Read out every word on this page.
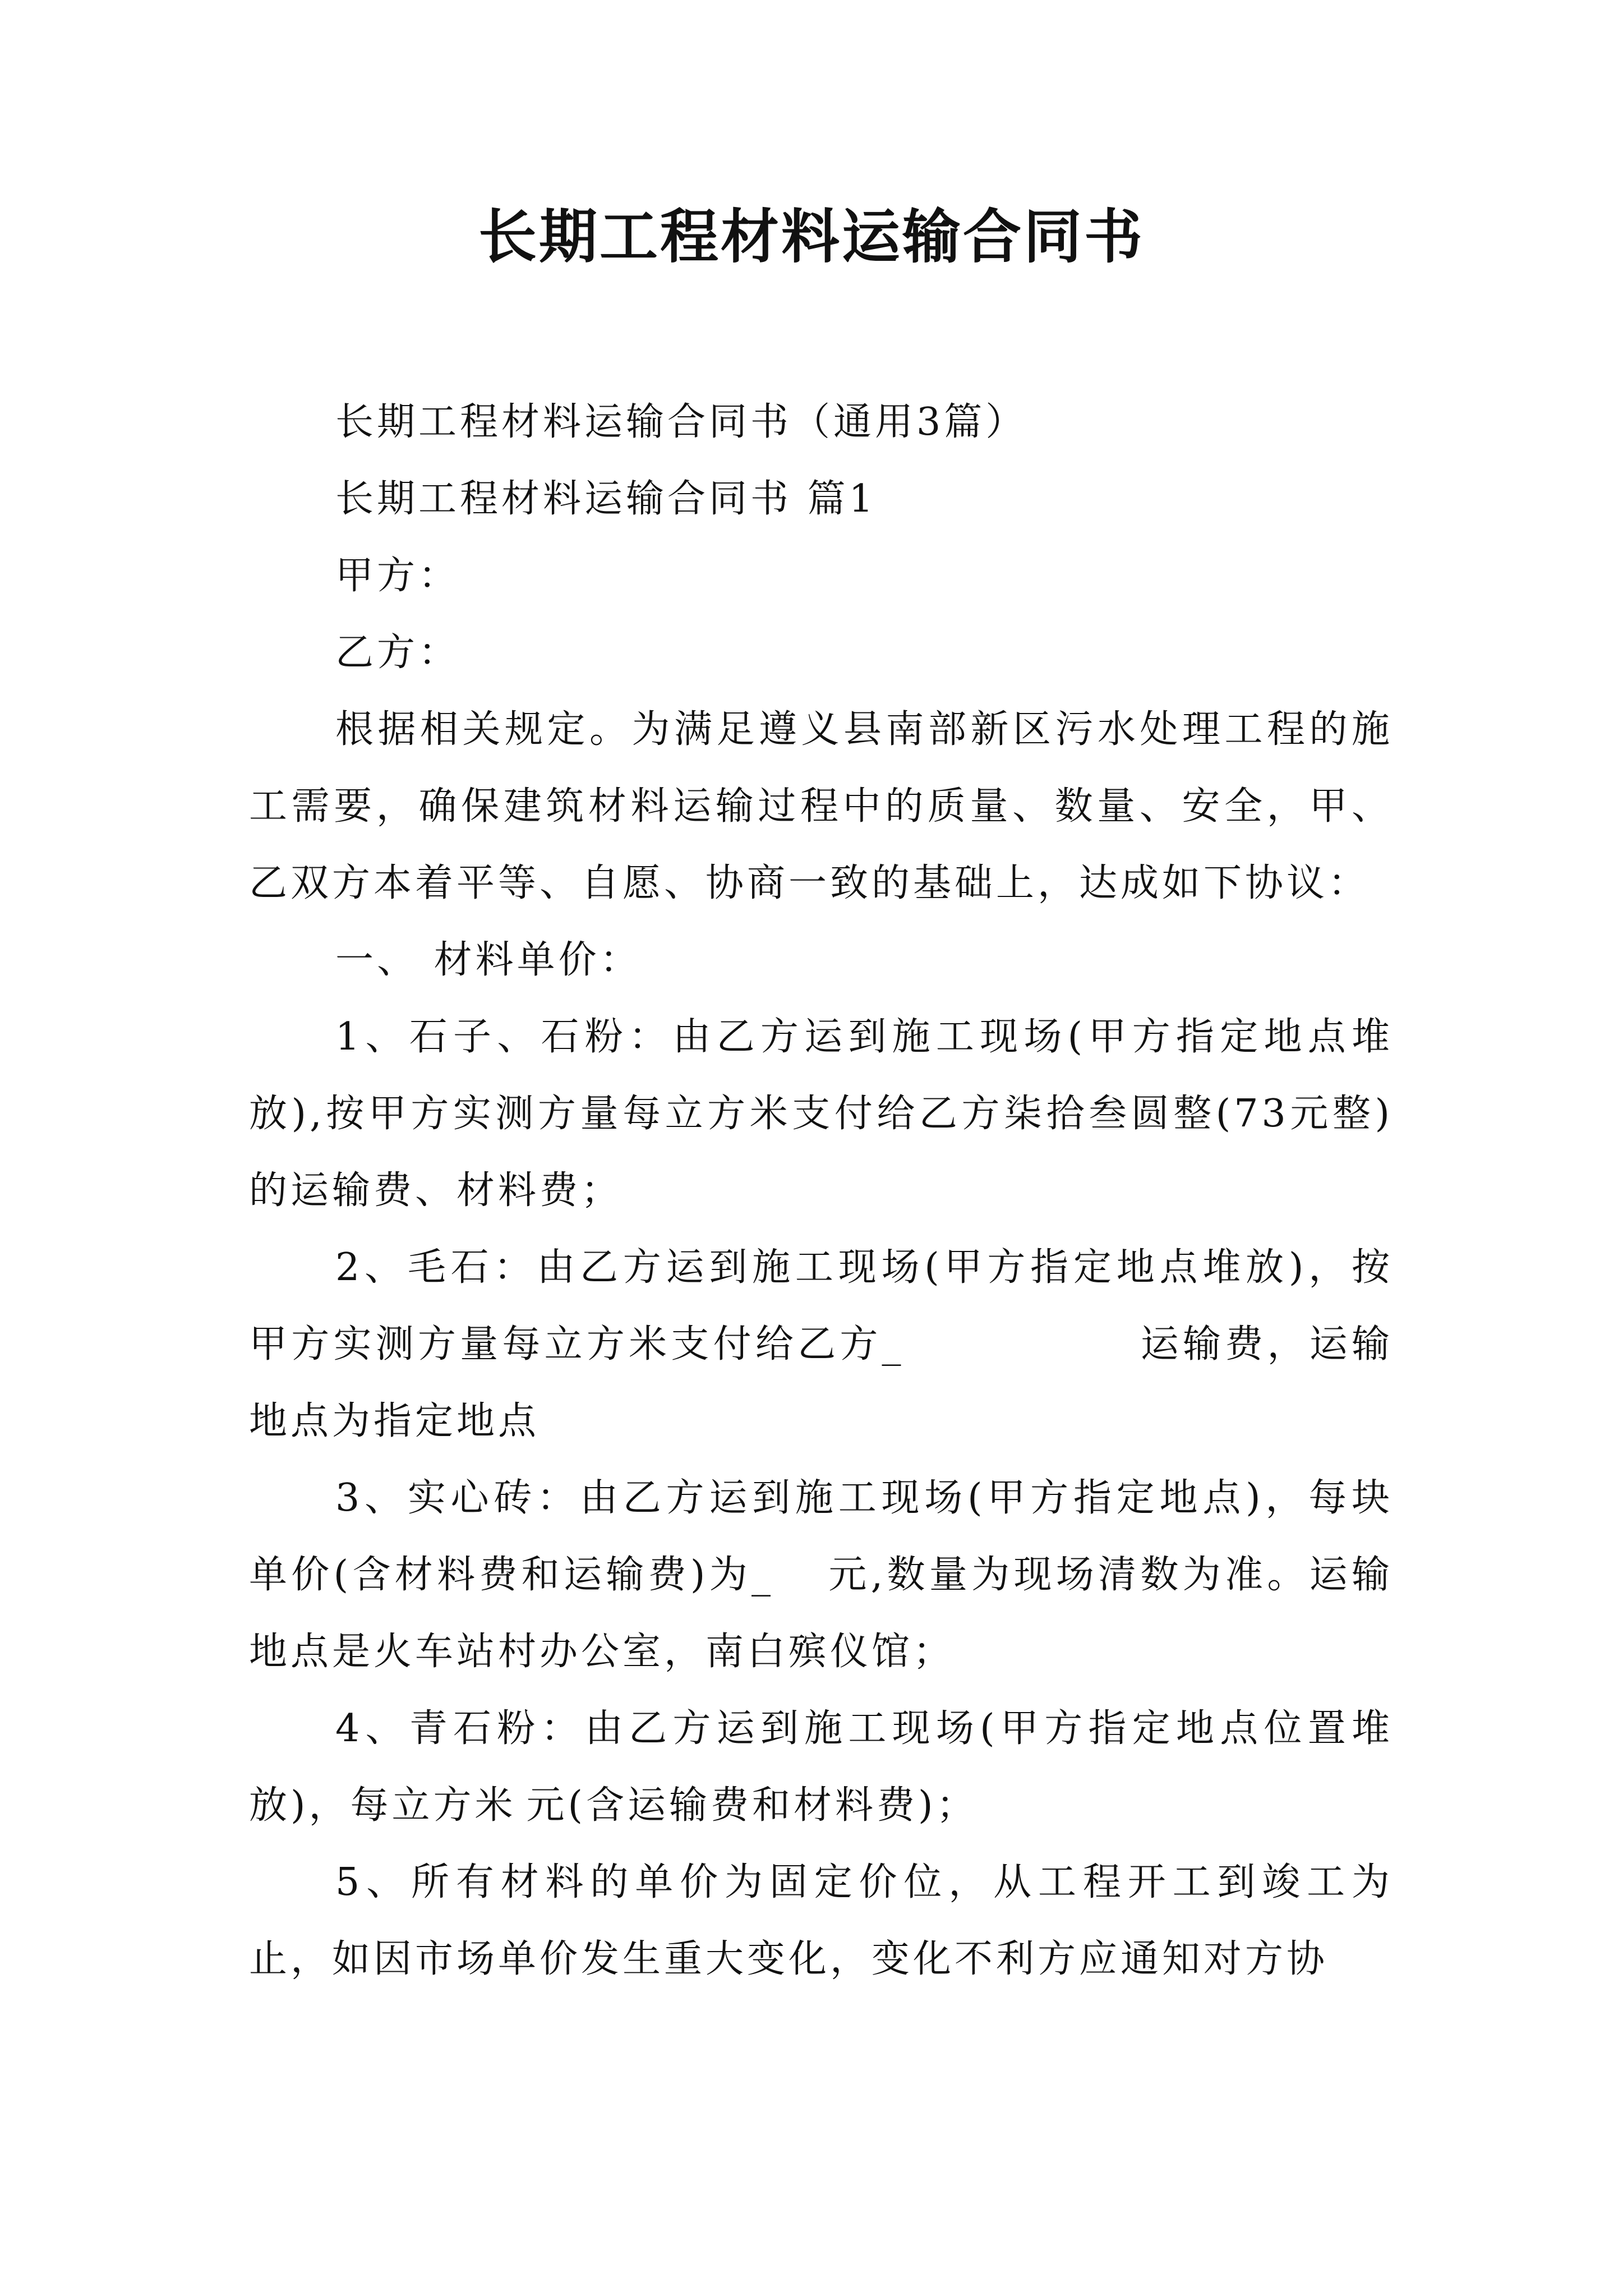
长期工程材料运输合同书

长期工程材料运输合同书（通用3篇）

长期工程材料运输合同书 篇1

甲方：

乙方：

根据相关规定。为满足遵义县南部新区污水处理工程的施工需要，确保建筑材料运输过程中的质量、数量、安全，甲、乙双方本着平等、自愿、协商一致的基础上，达成如下协议：

一、 材料单价：

1、石子、石粉：由乙方运到施工现场(甲方指定地点堆放),按甲方实测方量每立方米支付给乙方柒拾叁圆整(73元整)的运输费、材料费；

2、毛石：由乙方运到施工现场(甲方指定地点堆放)，按甲方实测方量每立方米支付给乙方_	运输费，运输地点为指定地点

3、实心砖：由乙方运到施工现场(甲方指定地点)，每块单价(含材料费和运输费)为_ 元,数量为现场清数为准。运输地点是火车站村办公室，南白殡仪馆；

4、青石粉：由乙方运到施工现场(甲方指定地点位置堆放)，每立方米 元(含运输费和材料费)；

5、所有材料的单价为固定价位，从工程开工到竣工为止，如因市场单价发生重大变化，变化不利方应通知对方协
